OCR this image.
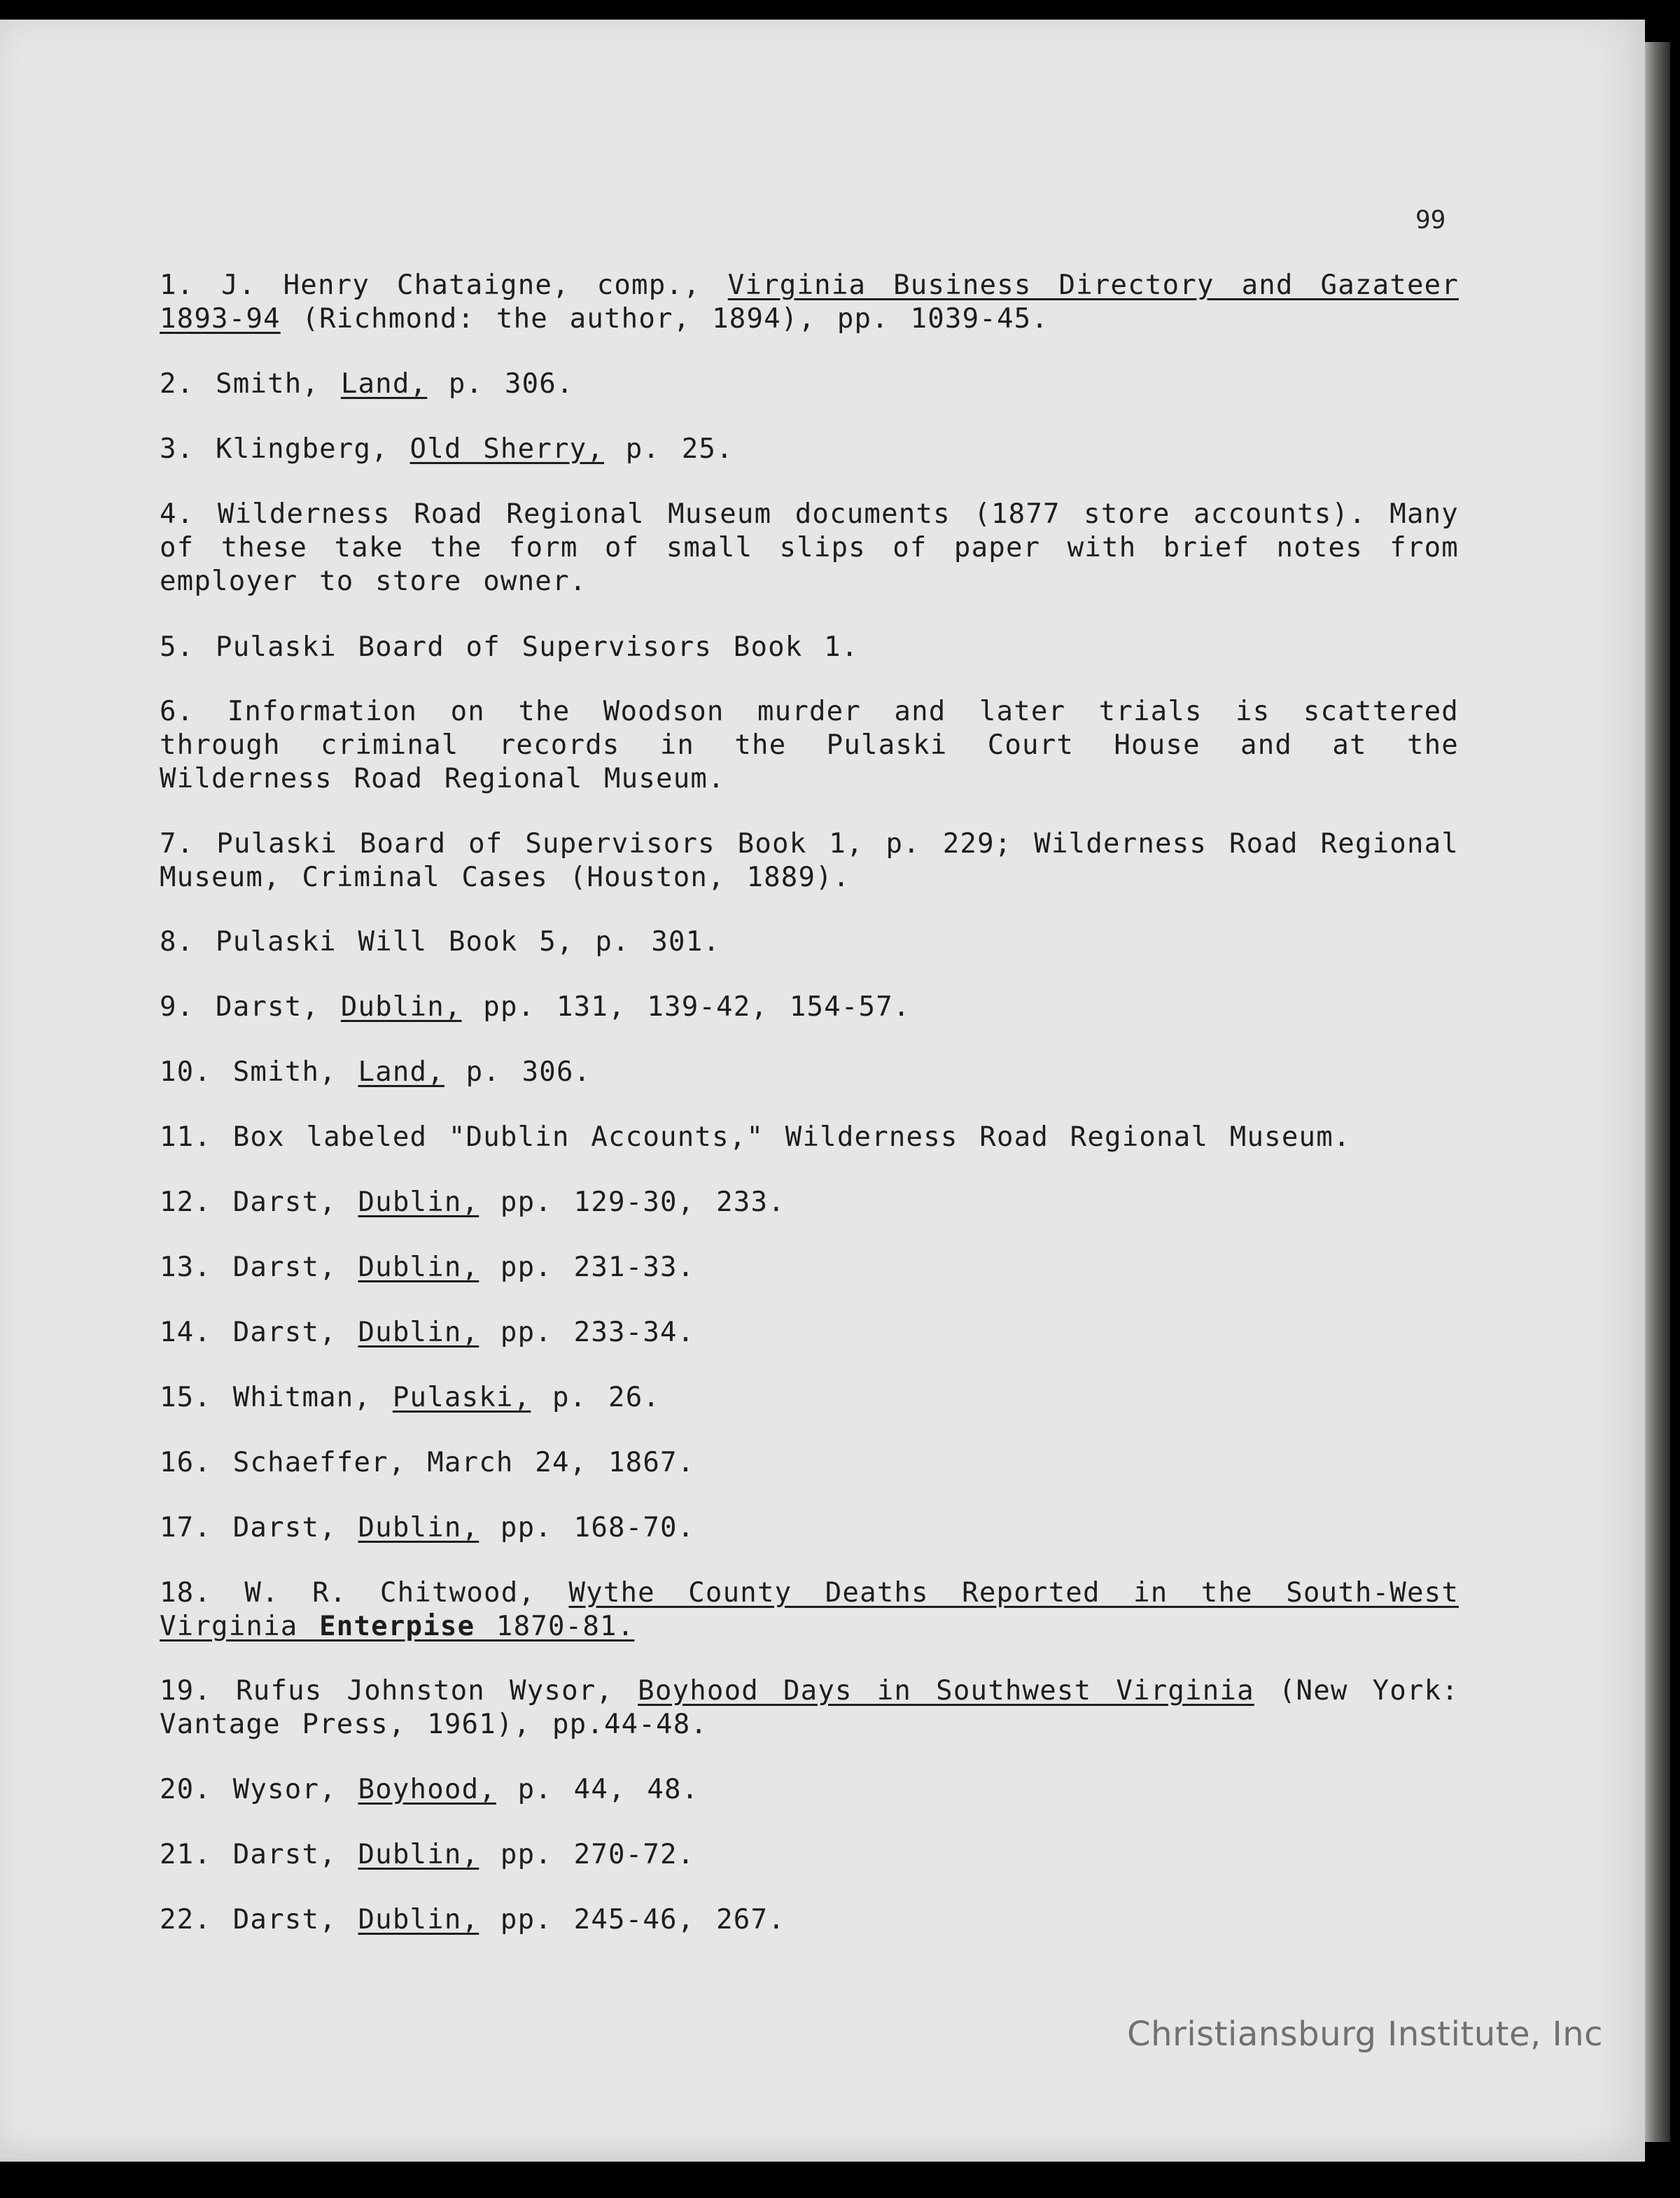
99

1. J. Henry Chataigne, comp., Virginia Business Directory and Gazateer 1893-94 (Richmond: the author, 1894), pp. 1039-45.

2. Smith, Land, p. 306.

3. Klingberg, Old Sherry, p. 25.

4. Wilderness Road Regional Museum documents (1877 store accounts). Many of these take the form of small slips of paper with brief notes from employer to store owner.

5. Pulaski Board of Supervisors Book 1.

6. Information on the Woodson murder and later trials is scattered through criminal records in the Pulaski Court House and at the Wilderness Road Regional Museum.

7. Pulaski Board of Supervisors Book 1, p. 229; Wilderness Road Regional Museum, Criminal Cases (Houston, 1889).

8. Pulaski Will Book 5, p. 301.

9. Darst, Dublin, pp. 131, 139-42, 154-57.

10. Smith, Land, p. 306.

11. Box labeled "Dublin Accounts," Wilderness Road Regional Museum.

12. Darst, Dublin, pp. 129-30, 233.

13. Darst, Dublin, pp. 231-33.

14. Darst, Dublin, pp. 233-34.

15. Whitman, Pulaski, p. 26.

16. Schaeffer, March 24, 1867.

17. Darst, Dublin, pp. 168-70.

18. W. R. Chitwood, Wythe County Deaths Reported in the South-West Virginia Enterpise 1870-81.

19. Rufus Johnston Wysor, Boyhood Days in Southwest Virginia (New York: Vantage Press, 1961), pp.44-48.

20. Wysor, Boyhood, p. 44, 48.

21. Darst, Dublin, pp. 270-72.

22. Darst, Dublin, pp. 245-46, 267.

Christiansburg Institute, Inc
